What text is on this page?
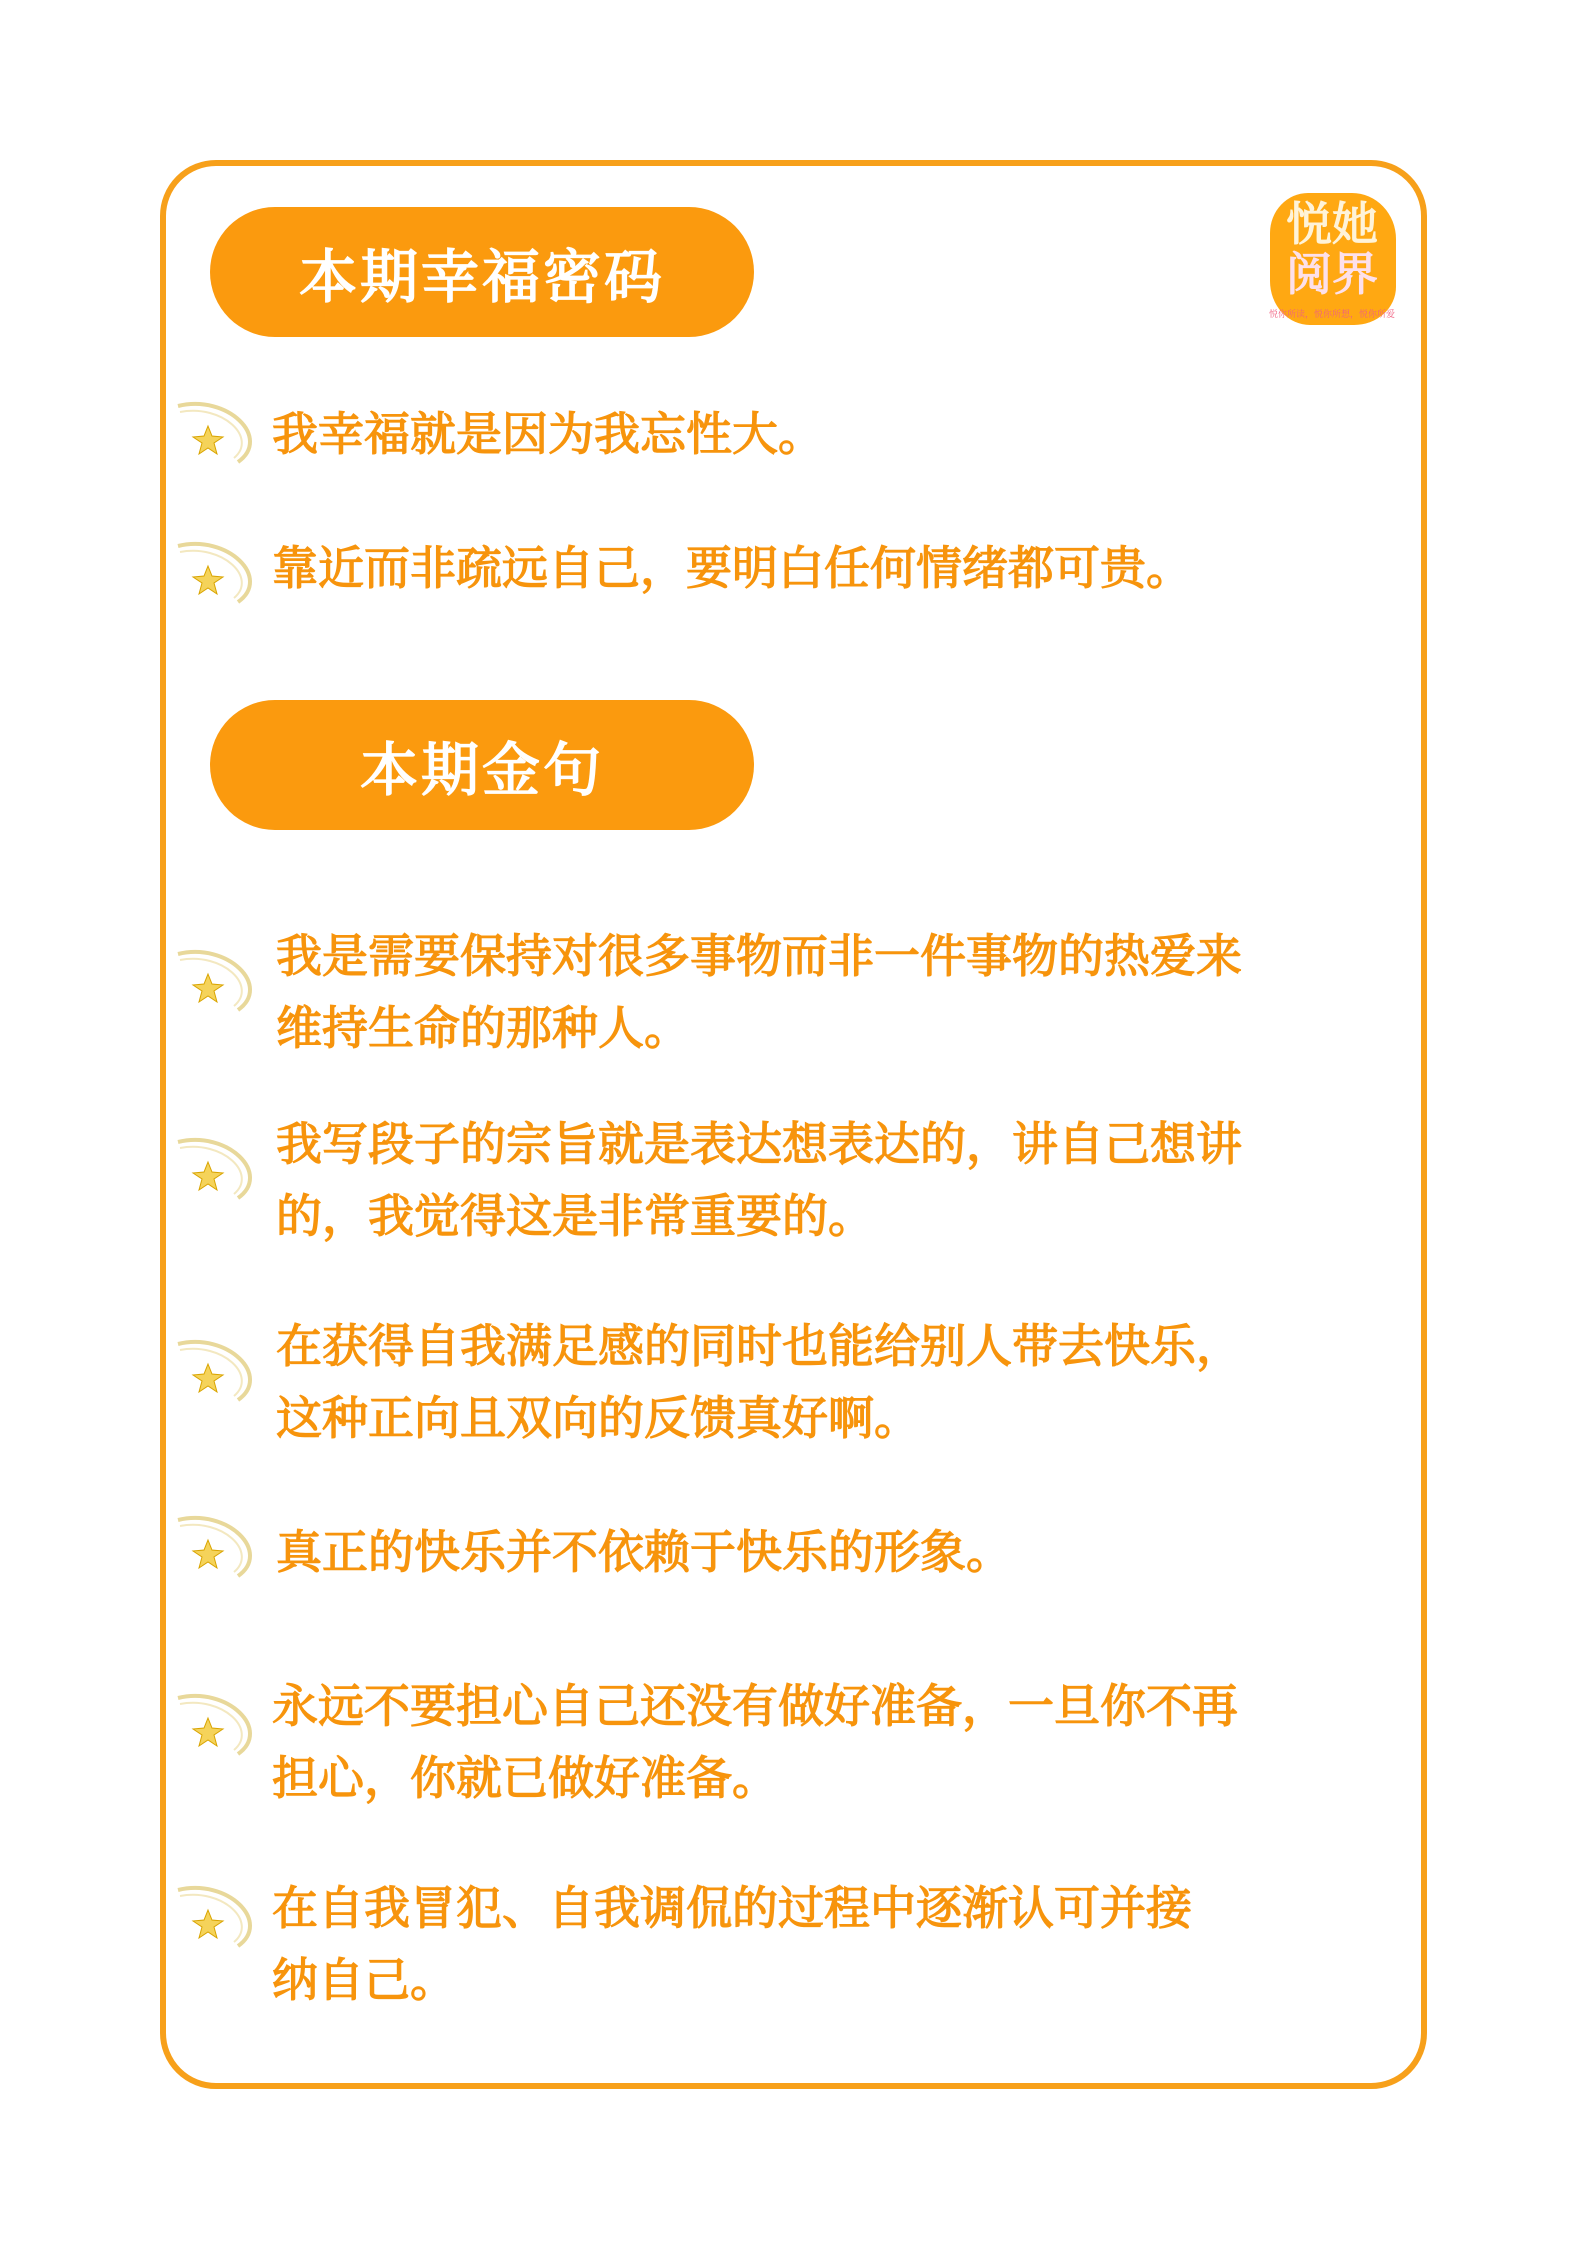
悦她
阅界
悦你所读，悦你所想，悦你所爱
本期幸福密码
本期金句
我幸福就是因为我忘性大。
靠近而非疏远自己，要明白任何情绪都可贵。
我是需要保持对很多事物而非一件事物的热爱来
维持生命的那种人。
我写段子的宗旨就是表达想表达的，讲自己想讲
的，我觉得这是非常重要的。
在获得自我满足感的同时也能给别人带去快乐，
这种正向且双向的反馈真好啊。
真正的快乐并不依赖于快乐的形象。
永远不要担心自己还没有做好准备，一旦你不再
担心，你就已做好准备。
在自我冒犯、自我调侃的过程中逐渐认可并接
纳自己。
